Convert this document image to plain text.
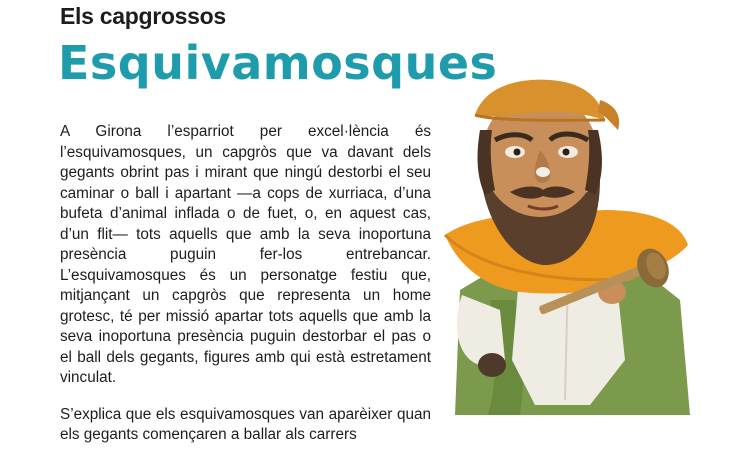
Els capgrossos
Esquivamosques

A Girona l’esparriot per excel·lència és l’esquivamosques, un capgròs que va davant dels gegants obrint pas i mirant que ningú destorbi el seu caminar o ball i apartant —a cops de xurriaca, d’una bufeta d’animal inflada o de fuet, o, en aquest cas, d’un flit— tots aquells que amb la seva inoportuna presència puguin fer-los entrebancar. L’esquivamosques és un personatge festiu que, mitjançant un capgròs que representa un home grotesc, té per missió apartar tots aquells que amb la seva inoportuna presència puguin destorbar el pas o el ball dels gegants, figures amb qui està estretament vinculat.

S’explica que els esquivamosques van aparèixer quan els gegants començaren a ballar als carrers
